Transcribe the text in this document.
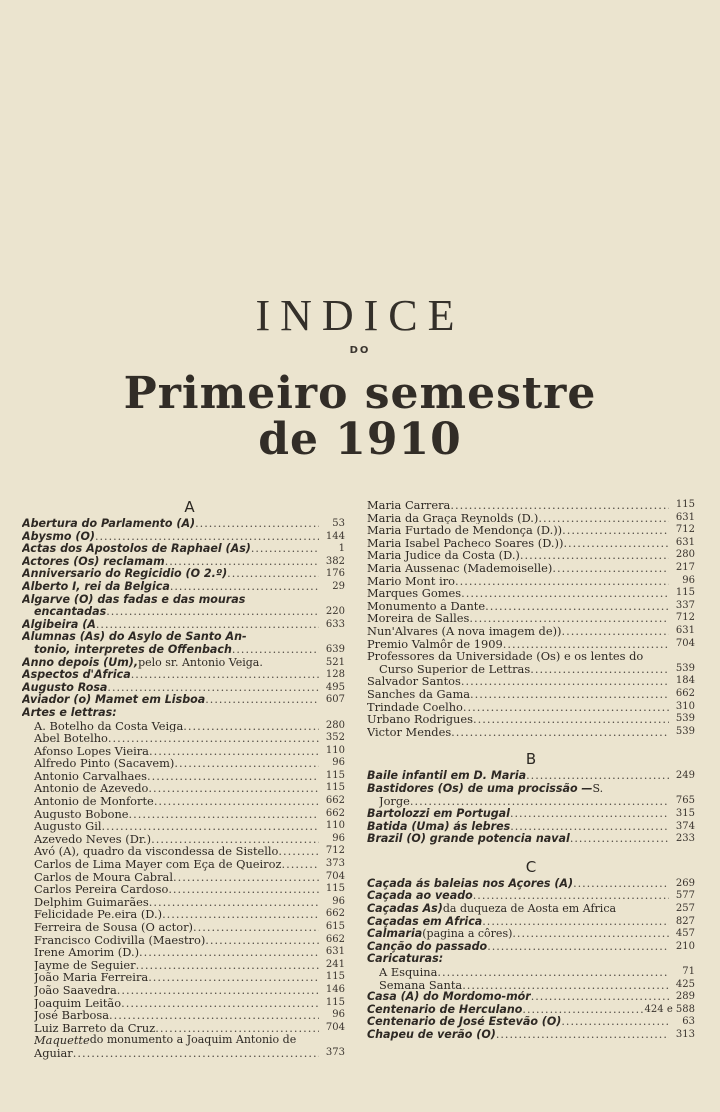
INDICE
DO
Primeiro semestre
de 1910
A
Abertura do Parlamento (A) .....	53
Abysmo (O) .....	144
Actas dos Apostolos de Raphael (As) .....	1
Actores (Os) reclamam .....	382
Anniversario do Regicidio (O 2.º) .....	176
Alberto I, rei da Belgica .....	29
Algarve (O) das fadas e das mouras
encantadas .....	220
Algibeira (A .....	633
Alumnas (As) do Asylo de Santo An-
tonio, interpretes de Offenbach .....	639
Anno depois (Um), pelo sr. Antonio Veiga.	521
Aspectos d'Africa .....	128
Augusto Rosa .....	495
Aviador (o) Mamet em Lisboa .....	607
Artes e lettras:
A. Botelho da Costa Veiga .....	280
Abel Botelho .....	352
Afonso Lopes Vieira .....	110
Alfredo Pinto (Sacavem) .....	96
Antonio Carvalhaes .....	115
Antonio de Azevedo .....	115
Antonio de Monforte .....	662
Augusto Bobone .....	662
Augusto Gil .....	110
Azevedo Neves (Dr.) .....	96
Avó (A), quadro da viscondessa de Sistello .....	712
Carlos de Lima Mayer com Eça de Queiroz .....	373
Carlos de Moura Cabral .....	704
Carlos Pereira Cardoso .....	115
Delphim Guimarães .....	96
Felicidade Pe.eira (D.) .....	662
Ferreira de Sousa (O actor) .....	615
Francisco Codivilla (Maestro) .....	662
Irene Amorim (D.) .....	631
Jayme de Seguier .....	241
João Maria Ferreira .....	115
João Saavedra .....	146
Joaquim Leitão .....	115
José Barbosa .....	96
Luiz Barreto da Cruz .....	704
Maquette do monumento a Joaquim Antonio de
Aguiar .....	373
Maria Carrera .....	115
Maria da Graça Reynolds (D.) .....	631
Maria Furtado de Mendonça (D.)) .....	712
Maria Isabel Pacheco Soares (D.)) .....	631
Maria Judice da Costa (D.) .....	280
Maria Aussenac (Mademoiselle) .....	217
Mario Mont iro .....	96
Marques Gomes .....	115
Monumento a Dante .....	337
Moreira de Salles .....	712
Nun'Alvares (A nova imagem de)) .....	631
Premio Valmôr de 1909 .....	704
Professores da Universidade (Os) e os lentes do
Curso Superior de Lettras .....	539
Salvador Santos .....	184
Sanches da Gama .....	662
Trindade Coelho .....	310
Urbano Rodrigues .....	539
Victor Mendes .....	539
B
Baile infantil em D. Maria .....	249
Bastidores (Os) de uma procissão — S.
Jorge .....	765
Bartolozzi em Portugal .....	315
Batida (Uma) ás lebres .....	374
Brazil (O) grande potencia naval .....	233
C
Caçada ás baleias nos Açores (A) .....	269
Caçada ao veado .....	577
Caçadas As) da duqueza de Aosta em Africa	257
Caçadas em Africa .....	827
Calmaria (pagina a côres) .....	457
Canção do passado .....	210
Caricaturas:
A Esquina .....	71
Semana Santa .....	425
Casa (A) do Mordomo-mór .....	289
Centenario de Herculano .....	424 e 588
Centenario de José Estevão (O) .....	63
Chapeu de verão (O) .....	313
